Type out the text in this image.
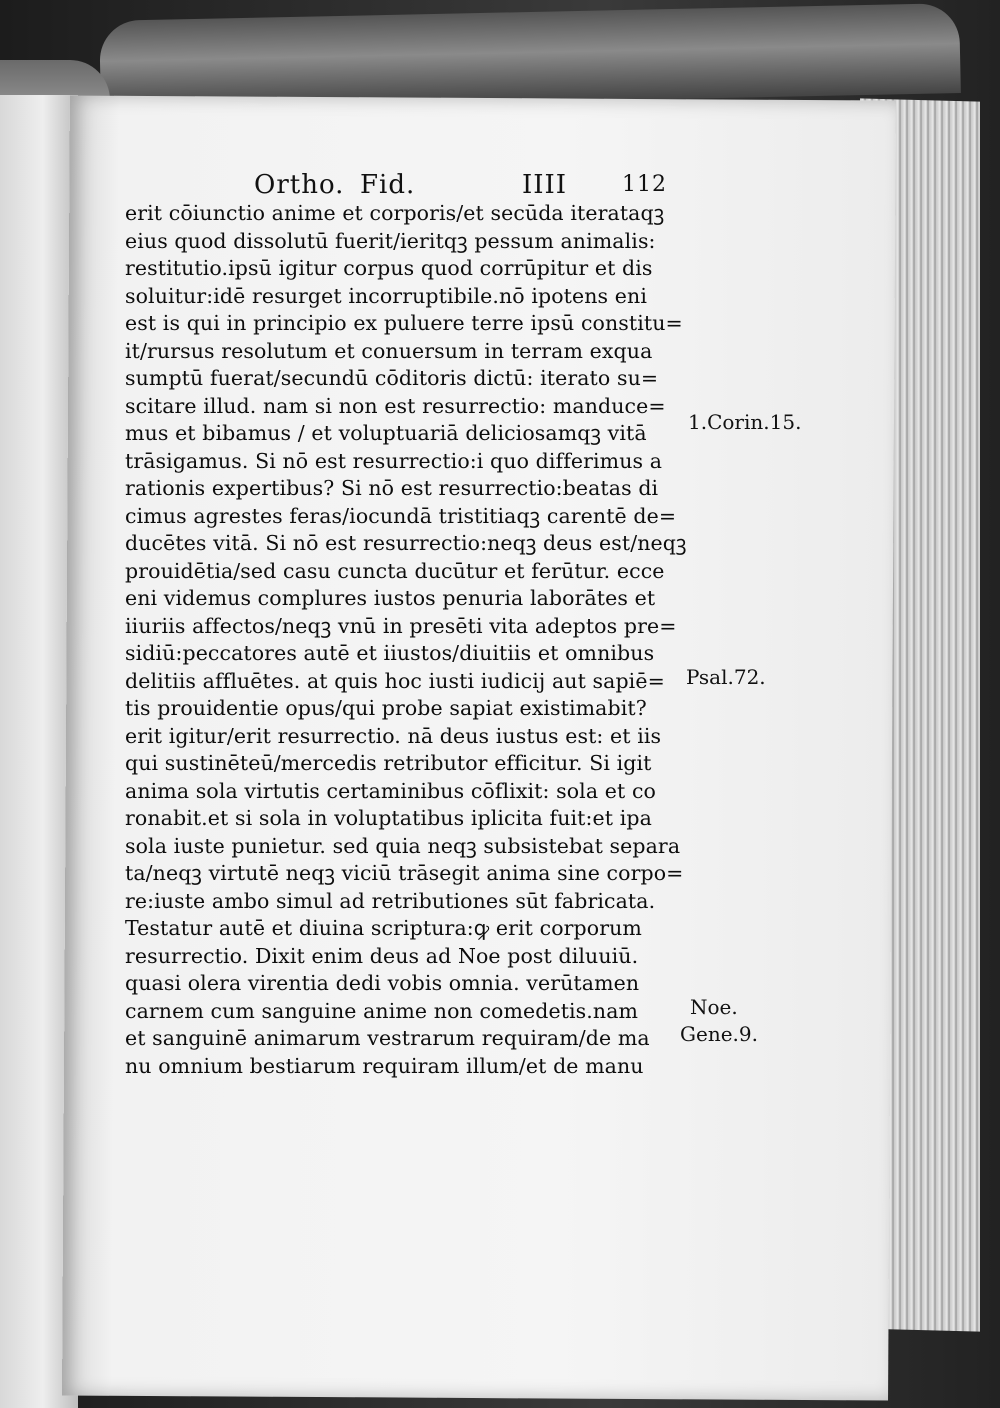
Ortho. Fid.	IIII 112
erit cōiunctio anime et corporis/et secūda iterataqꝫ
eius quod dissolutū fuerit/ieritqꝫ pessum animalis:
restitutio.ipsū igitur corpus quod corrūpitur et dis
soluitur:idē resurget incorruptibile.nō ipotens eni
est is qui in principio ex puluere terre ipsū constitu=
it/rursus resolutum et conuersum in terram exqua
sumptū fuerat/secundū cōditoris dictū: iterato su=
scitare illud. nam si non est resurrectio: manduce=
mus et bibamus / et voluptuariā deliciosamqꝫ vitā
trāsigamus. Si nō est resurrectio:i quo differimus a
rationis expertibus? Si nō est resurrectio:beatas di
cimus agrestes feras/iocundā tristitiaqꝫ carentē de=
ducētes vitā. Si nō est resurrectio:neqꝫ deus est/neqꝫ
prouidētia/sed casu cuncta ducūtur et ferūtur. ecce
eni videmus complures iustos penuria laborātes et
iiuriis affectos/neqꝫ vnū in presēti vita adeptos pre=
sidiū:peccatores autē et iiustos/diuitiis et omnibus
delitiis affluētes. at quis hoc iusti iudicij aut sapiē=
tis prouidentie opus/qui probe sapiat existimabit?
erit igitur/erit resurrectio. nā deus iustus est: et iis
qui sustinēteū/mercedis retributor efficitur. Si igit
anima sola virtutis certaminibus cōflixit: sola et co
ronabit.et si sola in voluptatibus iplicita fuit:et ipa
sola iuste punietur. sed quia neqꝫ subsistebat separa
ta/neqꝫ virtutē neqꝫ viciū trāsegit anima sine corpo=
re:iuste ambo simul ad retributiones sūt fabricata.
Testatur autē et diuina scriptura:ꝙ erit corporum
resurrectio. Dixit enim deus ad Noe post diluuiū.
quasi olera virentia dedi vobis omnia. verūtamen
carnem cum sanguine anime non comedetis.nam
et sanguinē animarum vestrarum requiram/de ma
nu omnium bestiarum requiram illum/et de manu
1.Corin.15.
Psal.72.
Noe.
Gene.9.
